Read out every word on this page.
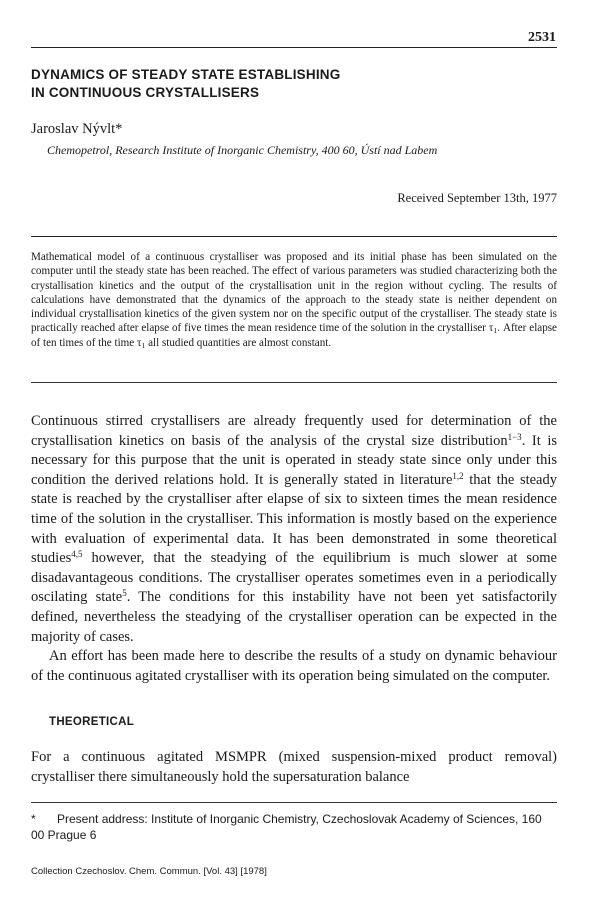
2531
DYNAMICS OF STEADY STATE ESTABLISHING
IN CONTINUOUS CRYSTALLISERS
Jaroslav Nývlt*
Chemopetrol, Research Institute of Inorganic Chemistry, 400 60, Ústí nad Labem
Received September 13th, 1977

Mathematical model of a continuous crystalliser was proposed and its initial phase has been simulated on the computer until the steady state has been reached. The effect of various parameters was studied characterizing both the crystallisation kinetics and the output of the crystallisation unit in the region without cycling. The results of calculations have demonstrated that the dynamics of the approach to the steady state is neither dependent on individual crystallisation kinetics of the given system nor on the specific output of the crystalliser. The steady state is practically reached after elapse of five times the mean residence time of the solution in the crystalliser $\tau_1$. After elapse of ten times of the time $\tau_1$ all studied quantities are almost constant.

Continuous stirred crystallisers are already frequently used for determination of the crystallisation kinetics on basis of the analysis of the crystal size distribution$^{1-3}$. It is necessary for this purpose that the unit is operated in steady state since only under this condition the derived relations hold. It is generally stated in literature$^{1,2}$ that the steady state is reached by the crystalliser after elapse of six to sixteen times the mean residence time of the solution in the crystalliser. This information is mostly based on the experience with evaluation of experimental data. It has been demonstrated in some theoretical studies$^{4,5}$ however, that the steadying of the equilibrium is much slower at some disadavantageous conditions. The crystalliser operates sometimes even in a periodically oscilating state$^5$. The conditions for this instability have not been yet satisfactorily defined, nevertheless the steadying of the crystalliser operation can be expected in the majority of cases.

An effort has been made here to describe the results of a study on dynamic behaviour of the continuous agitated crystalliser with its operation being simulated on the computer.

THEORETICAL

For a continuous agitated MSMPR (mixed suspension-mixed product removal) crystalliser there simultaneously hold the supersaturation balance

* Present address: Institute of Inorganic Chemistry, Czechoslovak Academy of Sciences, 160 00 Prague 6
Collection Czechoslov. Chem. Commun. [Vol. 43] [1978]
